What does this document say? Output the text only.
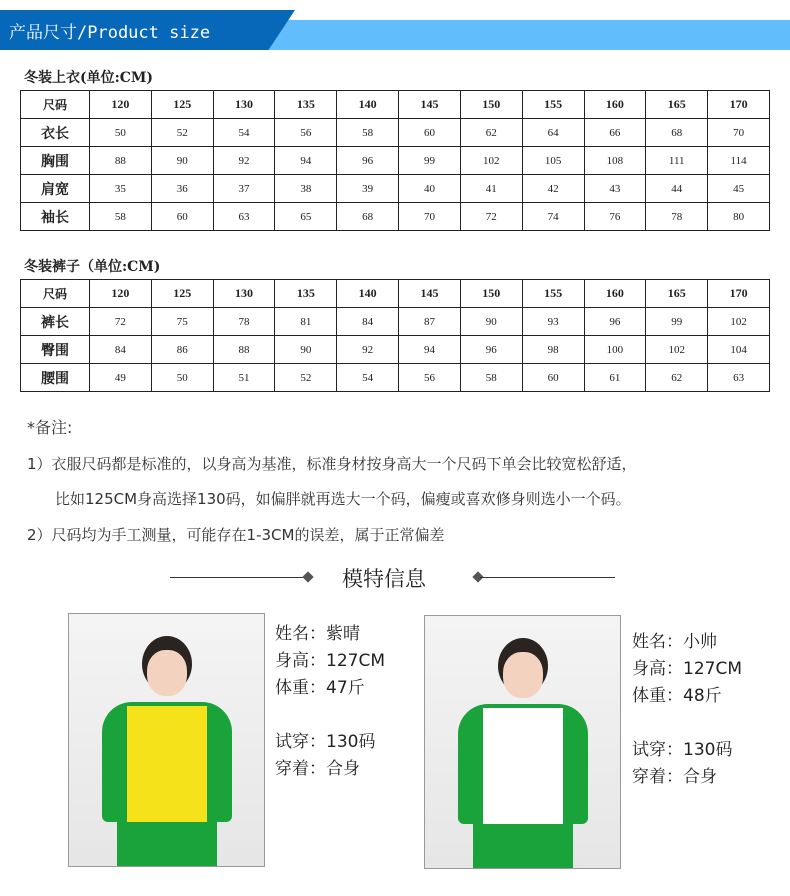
产品尺寸/Product size
冬装上衣(单位:CM)
尺码	120	125	130	135	140	145	150	155	160	165	170
衣长	50	52	54	56	58	60	62	64	66	68	70
胸围	88	90	92	94	96	99	102	105	108	111	114
肩宽	35	36	37	38	39	40	41	42	43	44	45
袖长	58	60	63	65	68	70	72	74	76	78	80
冬装裤子（单位:CM)
尺码	120	125	130	135	140	145	150	155	160	165	170
裤长	72	75	78	81	84	87	90	93	96	99	102
臀围	84	86	88	90	92	94	96	98	100	102	104
腰围	49	50	51	52	54	56	58	60	61	62	63
*备注:
1）衣服尺码都是标准的，以身高为基准，标准身材按身高大一个尺码下单会比较宽松舒适，
比如125CM身高选择130码，如偏胖就再选大一个码，偏瘦或喜欢修身则选小一个码。
2）尺码均为手工测量，可能存在1-3CM的误差，属于正常偏差
模特信息
姓名：紫晴
身高：127CM
体重：47斤
试穿：130码
穿着：合身
姓名：小帅
身高：127CM
体重：48斤
试穿：130码
穿着：合身
